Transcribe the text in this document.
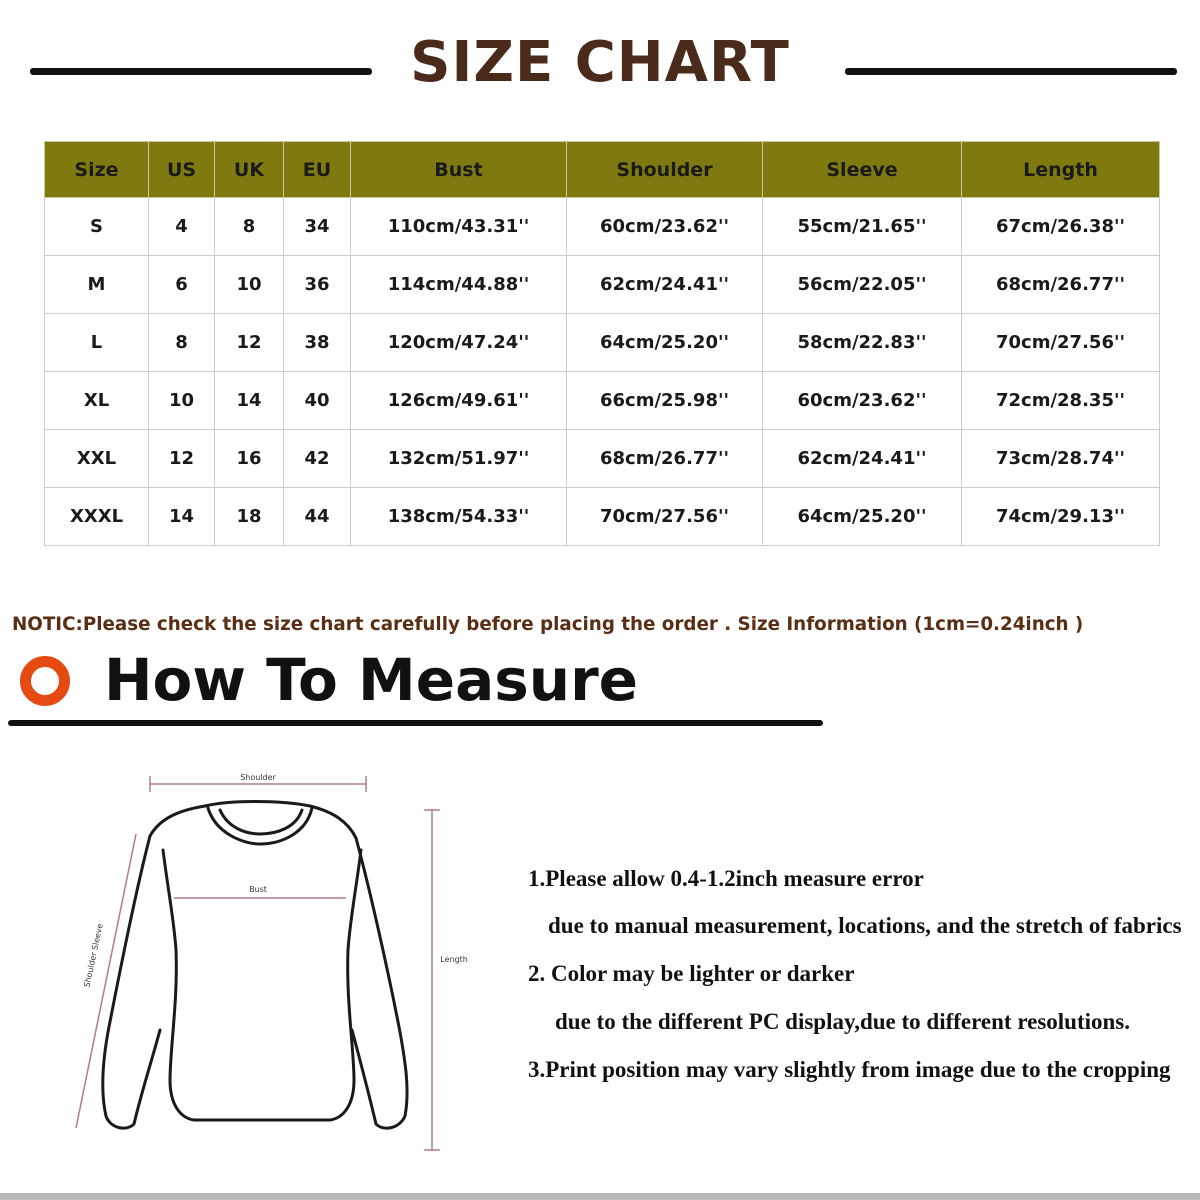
SIZE CHART
Size	US	UK	EU	Bust	Shoulder	Sleeve	Length
S	4	8	34	110cm/43.31''	60cm/23.62''	55cm/21.65''	67cm/26.38''
M	6	10	36	114cm/44.88''	62cm/24.41''	56cm/22.05''	68cm/26.77''
L	8	12	38	120cm/47.24''	64cm/25.20''	58cm/22.83''	70cm/27.56''
XL	10	14	40	126cm/49.61''	66cm/25.98''	60cm/23.62''	72cm/28.35''
XXL	12	16	42	132cm/51.97''	68cm/26.77''	62cm/24.41''	73cm/28.74''
XXXL	14	18	44	138cm/54.33''	70cm/27.56''	64cm/25.20''	74cm/29.13''
NOTIC:Please check the size chart carefully before placing the order . Size Information (1cm=0.24inch )
How To Measure
Shoulder
Bust
Length
Shoulder Sleeve
1.Please allow 0.4-1.2inch measure error
due to manual measurement, locations, and the stretch of fabrics
2. Color may be lighter or darker
due to the different PC display,due to different resolutions.
3.Print position may vary slightly from image due to the cropping
